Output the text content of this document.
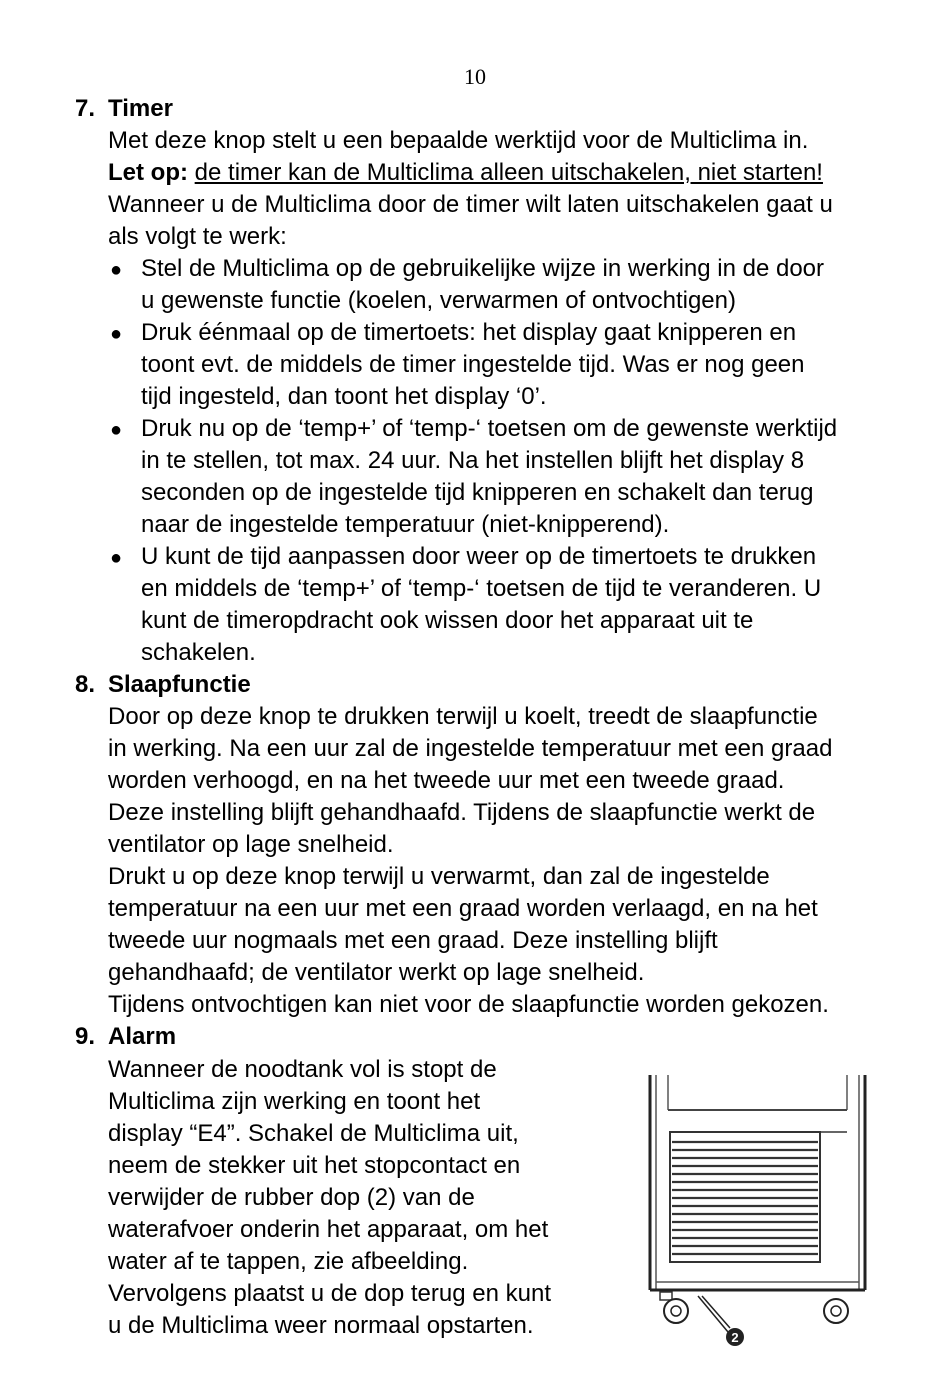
10
7. Timer
Met deze knop stelt u een bepaalde werktijd voor de Multiclima in.
Let op: de timer kan de Multiclima alleen uitschakelen, niet starten!
Wanneer u de Multiclima door de timer wilt laten uitschakelen gaat u
als volgt te werk:
● Stel de Multiclima op de gebruikelijke wijze in werking in de door
u gewenste functie (koelen, verwarmen of ontvochtigen)
● Druk éénmaal op de timertoets: het display gaat knipperen en
toont evt. de middels de timer ingestelde tijd. Was er nog geen
tijd ingesteld, dan toont het display ‘0’.
● Druk nu op de ‘temp+’ of ‘temp-‘ toetsen om de gewenste werktijd
in te stellen, tot max. 24 uur. Na het instellen blijft het display 8
seconden op de ingestelde tijd knipperen en schakelt dan terug
naar de ingestelde temperatuur (niet-knipperend).
● U kunt de tijd aanpassen door weer op de timertoets te drukken
en middels de ‘temp+’ of ‘temp-‘ toetsen de tijd te veranderen. U
kunt de timeropdracht ook wissen door het apparaat uit te
schakelen.
8. Slaapfunctie
Door op deze knop te drukken terwijl u koelt, treedt de slaapfunctie
in werking. Na een uur zal de ingestelde temperatuur met een graad
worden verhoogd, en na het tweede uur met een tweede graad.
Deze instelling blijft gehandhaafd. Tijdens de slaapfunctie werkt de
ventilator op lage snelheid.
Drukt u op deze knop terwijl u verwarmt, dan zal de ingestelde
temperatuur na een uur met een graad worden verlaagd, en na het
tweede uur nogmaals met een graad. Deze instelling blijft
gehandhaafd; de ventilator werkt op lage snelheid.
Tijdens ontvochtigen kan niet voor de slaapfunctie worden gekozen.
9. Alarm
Wanneer de noodtank vol is stopt de
Multiclima zijn werking en toont het
display “E4”. Schakel de Multiclima uit,
neem de stekker uit het stopcontact en
verwijder de rubber dop (2) van de
waterafvoer onderin het apparaat, om het
water af te tappen, zie afbeelding.
Vervolgens plaatst u de dop terug en kunt
u de Multiclima weer normaal opstarten.	2
